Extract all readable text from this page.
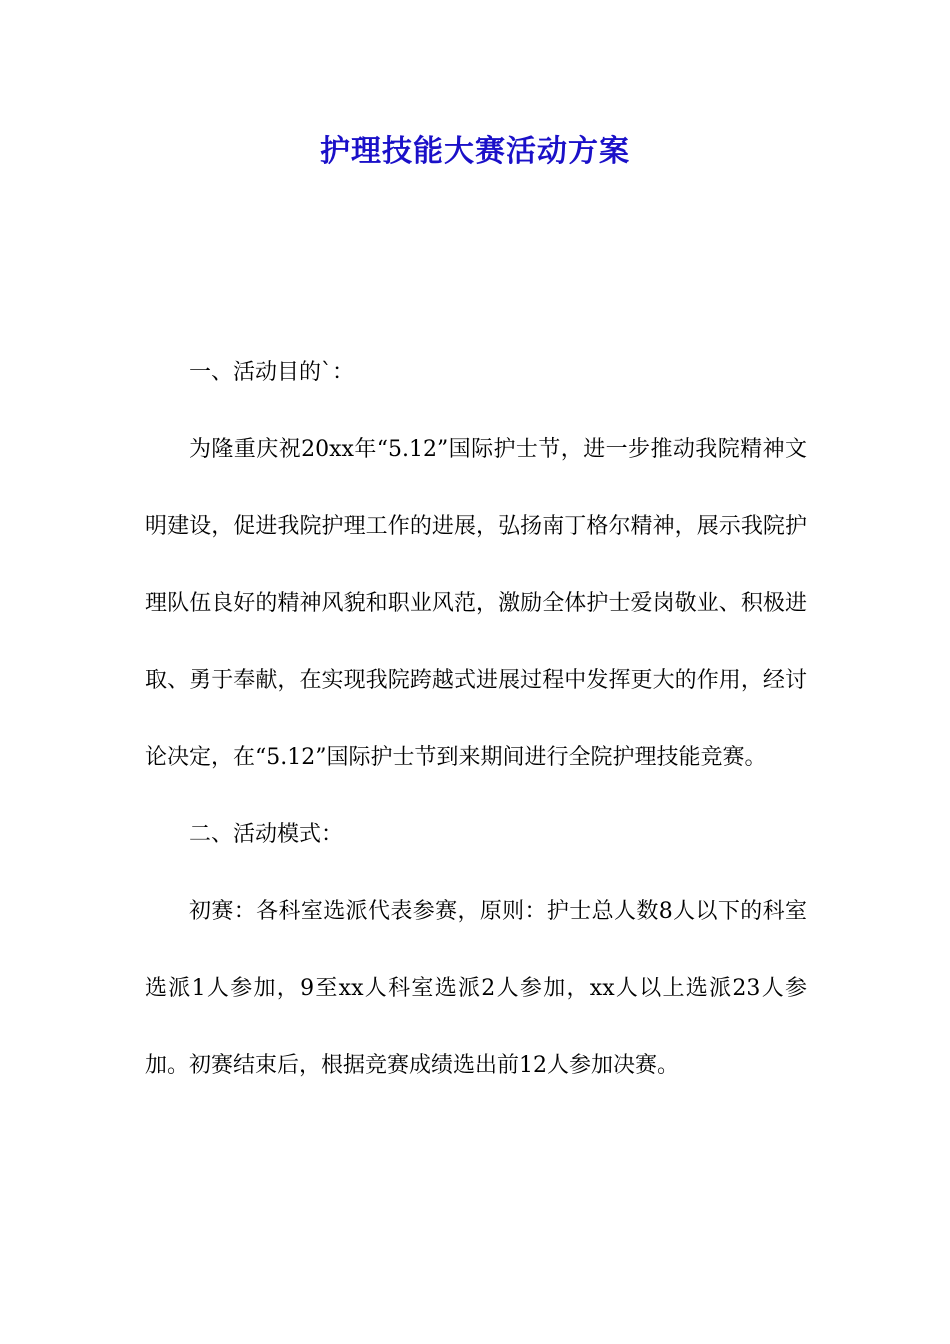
护理技能大赛活动方案

一、活动目的`：

为隆重庆祝20xx年“5.12”国际护士节，进一步推动我院精神文明建设，促进我院护理工作的进展，弘扬南丁格尔精神，展示我院护理队伍良好的精神风貌和职业风范，激励全体护士爱岗敬业、积极进取、勇于奉献，在实现我院跨越式进展过程中发挥更大的作用，经讨论决定，在“5.12”国际护士节到来期间进行全院护理技能竞赛。

二、活动模式：

初赛：各科室选派代表参赛，原则：护士总人数8人以下的科室选派1人参加，9至xx人科室选派2人参加，xx人以上选派23人参加。初赛结束后，根据竞赛成绩选出前12人参加决赛。
